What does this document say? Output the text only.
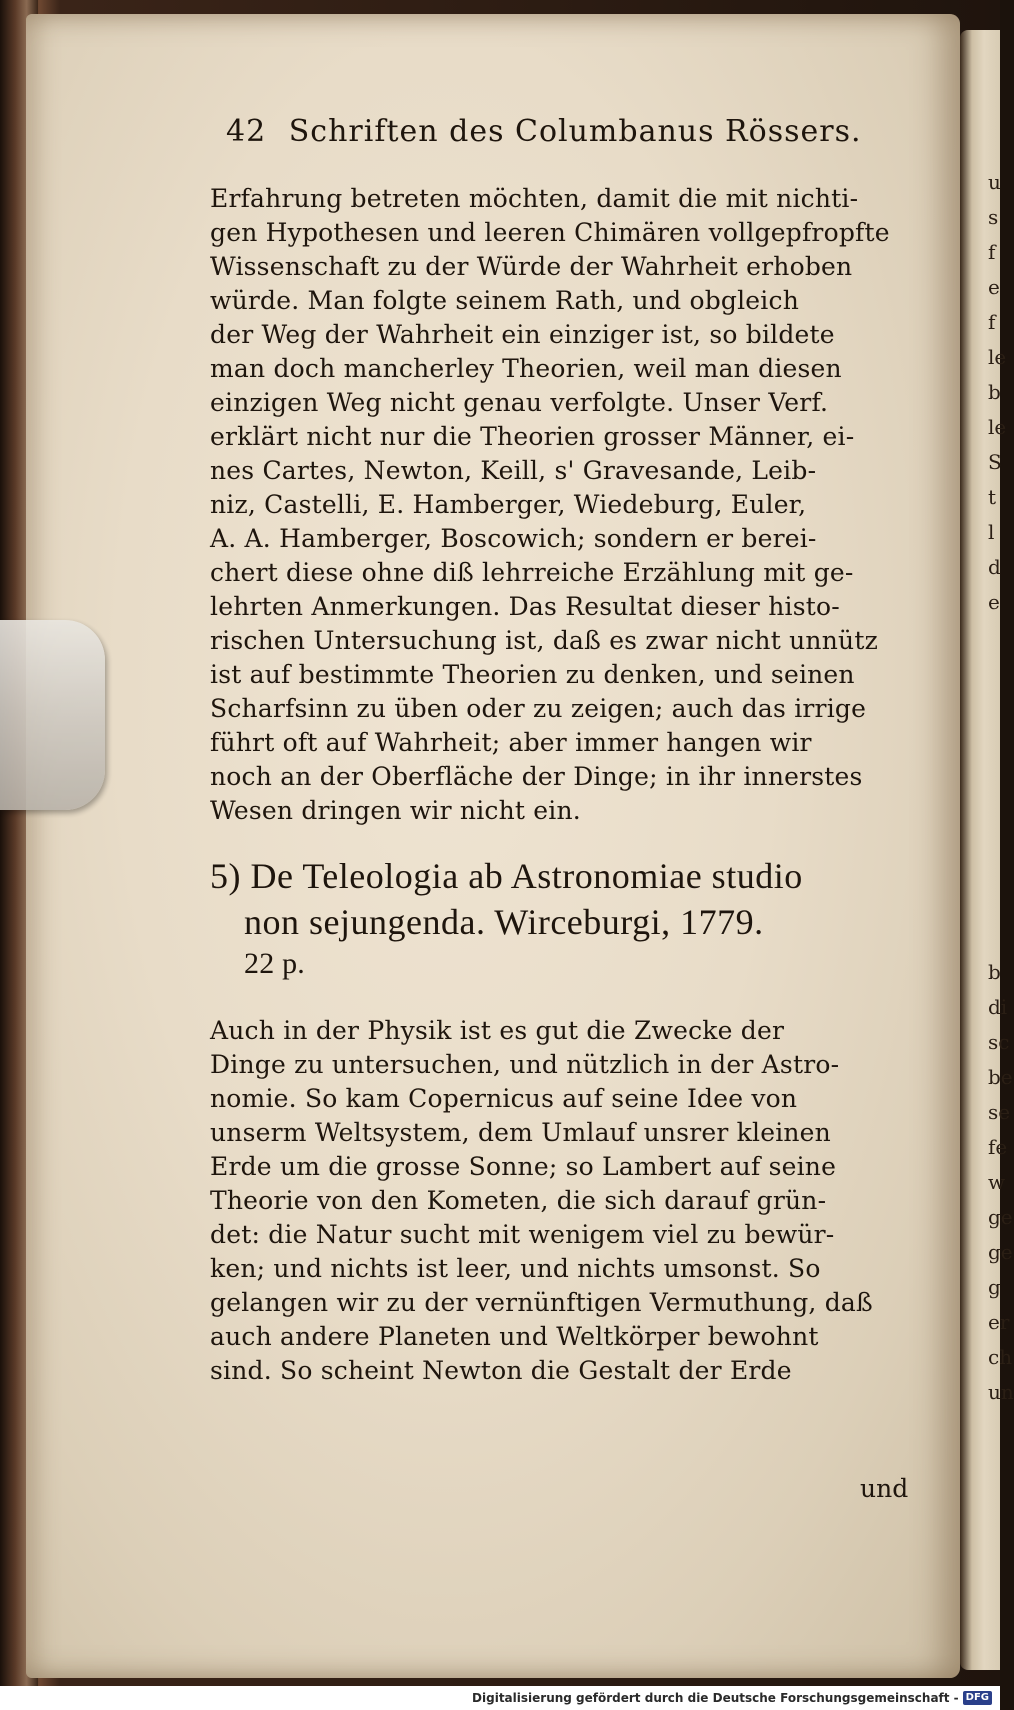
42 Schriften des Columbanus Rössers.
Erfahrung betreten möchten, damit die mit nichti-
gen Hypothesen und leeren Chimären vollgepfropfte
Wissenschaft zu der Würde der Wahrheit erhoben
würde. Man folgte seinem Rath, und obgleich
der Weg der Wahrheit ein einziger ist, so bildete
man doch mancherley Theorien, weil man diesen
einzigen Weg nicht genau verfolgte. Unser Verf.
erklärt nicht nur die Theorien grosser Männer, ei-
nes Cartes, Newton, Keill, s' Gravesande, Leib-
niz, Castelli, E. Hamberger, Wiedeburg, Euler,
A. A. Hamberger, Boscowich; sondern er berei-
chert diese ohne diß lehrreiche Erzählung mit ge-
lehrten Anmerkungen. Das Resultat dieser histo-
rischen Untersuchung ist, daß es zwar nicht unnütz
ist auf bestimmte Theorien zu denken, und seinen
Scharfsinn zu üben oder zu zeigen; auch das irrige
führt oft auf Wahrheit; aber immer hangen wir
noch an der Oberfläche der Dinge; in ihr innerstes
Wesen dringen wir nicht ein.
5) De Teleologia ab Astronomiae studio
non sejungenda. Wirceburgi, 1779.
22 p.
Auch in der Physik ist es gut die Zwecke der
Dinge zu untersuchen, und nützlich in der Astro-
nomie. So kam Copernicus auf seine Idee von
unserm Weltsystem, dem Umlauf unsrer kleinen
Erde um die grosse Sonne; so Lambert auf seine
Theorie von den Kometen, die sich darauf grün-
det: die Natur sucht mit wenigem viel zu bewür-
ken; und nichts ist leer, und nichts umsonst. So
gelangen wir zu der vernünftigen Vermuthung, daß
auch andere Planeten und Weltkörper bewohnt
sind. So scheint Newton die Gestalt der Erde
und
u
s
f
e
f
le
b
le
S
t
l
d
e
b
di
sc
be
se
fe
w
ge
ge
g
er
ch
un
Digitalisierung gefördert durch die Deutsche Forschungsgemeinschaft - DFG
